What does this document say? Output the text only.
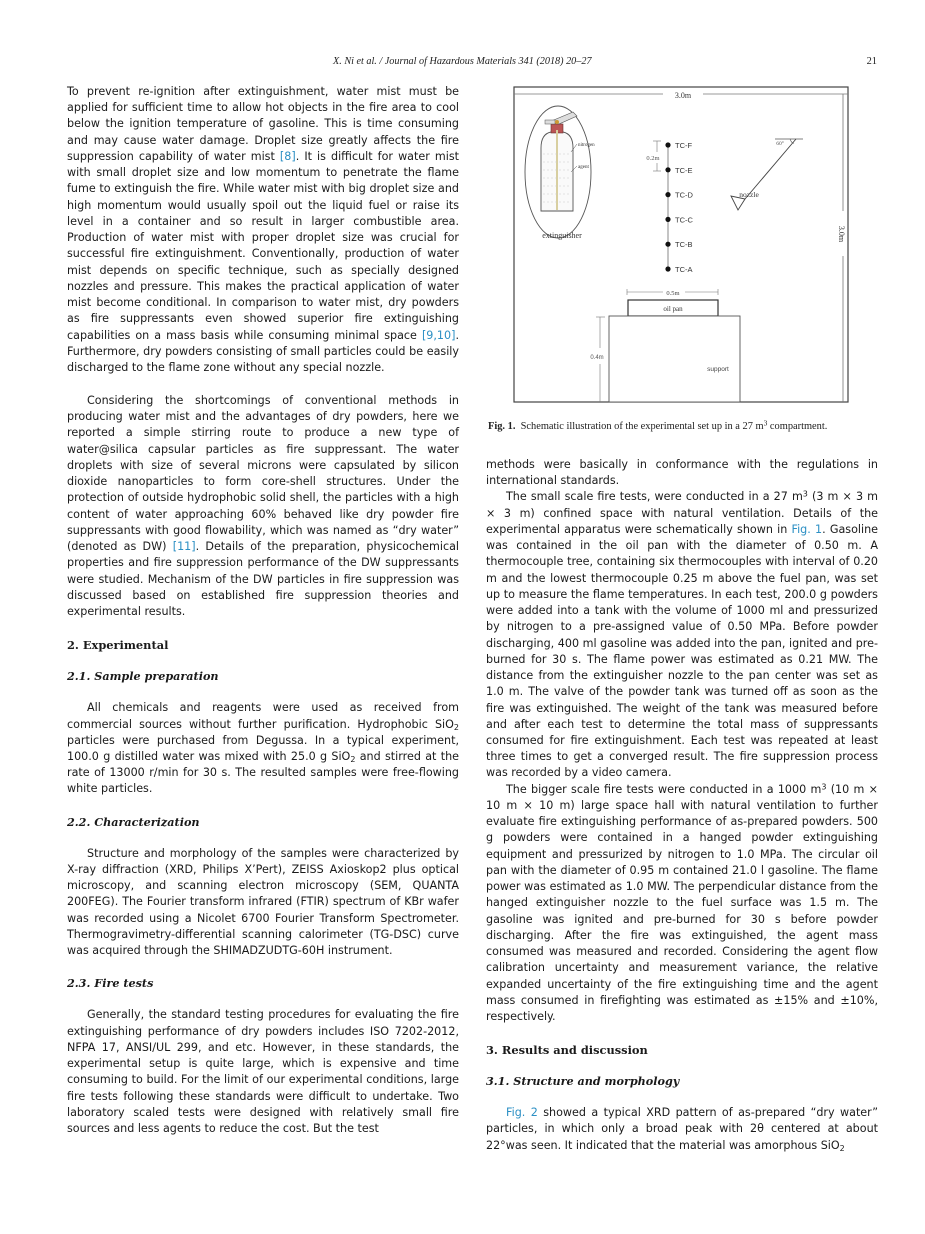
X. Ni et al. / Journal of Hazardous Materials 341 (2018) 20–27	21

To prevent re-ignition after extinguishment, water mist must be applied for sufficient time to allow hot objects in the fire area to cool below the ignition temperature of gasoline. This is time consuming and may cause water damage. Droplet size greatly affects the fire suppression capability of water mist [8]. It is difficult for water mist with small droplet size and low momentum to penetrate the flame fume to extinguish the fire. While water mist with big droplet size and high momentum would usually spoil out the liquid fuel or raise its level in a container and so result in larger combustible area. Production of water mist with proper droplet size was crucial for successful fire extinguishment. Conventionally, production of water mist depends on specific technique, such as specially designed nozzles and pressure. This makes the practical application of water mist become conditional. In comparison to water mist, dry powders as fire suppressants even showed superior fire extinguishing capabilities on a mass basis while consuming minimal space [9,10]. Furthermore, dry powders consisting of small particles could be easily discharged to the flame zone without any special nozzle.

Considering the shortcomings of conventional methods in producing water mist and the advantages of dry powders, here we reported a simple stirring route to produce a new type of water@silica capsular particles as fire suppressant. The water droplets with size of several microns were capsulated by silicon dioxide nanoparticles to form core-shell structures. Under the protection of outside hydrophobic solid shell, the particles with a high content of water approaching 60% behaved like dry powder fire suppressants with good flowability, which was named as “dry water” (denoted as DW) [11]. Details of the preparation, physicochemical properties and fire suppression performance of the DW suppressants were studied. Mechanism of the DW particles in fire suppression was discussed based on established fire suppression theories and experimental results.

2. Experimental
2.1. Sample preparation

All chemicals and reagents were used as received from commercial sources without further purification. Hydrophobic SiO$_2$ particles were purchased from Degussa. In a typical experiment, 100.0 g distilled water was mixed with 25.0 g SiO$_2$ and stirred at the rate of 13000 r/min for 30 s. The resulted samples were free-flowing white particles.

2.2. Characterization

Structure and morphology of the samples were characterized by X-ray diffraction (XRD, Philips X’Pert), ZEISS Axioskop2 plus optical microscopy, and scanning electron microscopy (SEM, QUANTA 200FEG). The Fourier transform infrared (FTIR) spectrum of KBr wafer was recorded using a Nicolet 6700 Fourier Transform Spectrometer. Thermogravimetry-differential scanning calorimeter (TG-DSC) curve was acquired through the SHIMADZUDTG-60H instrument.

2.3. Fire tests

Generally, the standard testing procedures for evaluating the fire extinguishing performance of dry powders includes ISO 7202-2012, NFPA 17, ANSI/UL 299, and etc. However, in these standards, the experimental setup is quite large, which is expensive and time consuming to build. For the limit of our experimental conditions, large fire tests following these standards were difficult to undertake. Two laboratory scaled tests were designed with relatively small fire sources and less agents to reduce the cost. But the test

3.0m
3.0m
nitrogen
agent
extinguisher
TC-F
TC-E
TC-D
TC-C
TC-B
TC-A
0.2m
60°
nozzle
0.5m
oil pan
support
0.4m
Fig. 1. Schematic illustration of the experimental set up in a 27 $m^3$ compartment.

methods were basically in conformance with the regulations in international standards.

The small scale fire tests, were conducted in a 27 $m^3$ (3 m × 3 m × 3 m) confined space with natural ventilation. Details of the experimental apparatus were schematically shown in Fig. 1. Gasoline was contained in the oil pan with the diameter of 0.50 m. A thermocouple tree, containing six thermocouples with interval of 0.20 m and the lowest thermocouple 0.25 m above the fuel pan, was set up to measure the flame temperatures. In each test, 200.0 g powders were added into a tank with the volume of 1000 ml and pressurized by nitrogen to a pre-assigned value of 0.50 MPa. Before powder discharging, 400 ml gasoline was added into the pan, ignited and pre-burned for 30 s. The flame power was estimated as 0.21 MW. The distance from the extinguisher nozzle to the pan center was set as 1.0 m. The valve of the powder tank was turned off as soon as the fire was extinguished. The weight of the tank was measured before and after each test to determine the total mass of suppressants consumed for fire extinguishment. Each test was repeated at least three times to get a converged result. The fire suppression process was recorded by a video camera.

The bigger scale fire tests were conducted in a 1000 $m^3$ (10 m × 10 m × 10 m) large space hall with natural ventilation to further evaluate fire extinguishing performance of as-prepared powders. 500 g powders were contained in a hanged powder extinguishing equipment and pressurized by nitrogen to 1.0 MPa. The circular oil pan with the diameter of 0.95 m contained 21.0 l gasoline. The flame power was estimated as 1.0 MW. The perpendicular distance from the hanged extinguisher nozzle to the fuel surface was 1.5 m. The gasoline was ignited and pre-burned for 30 s before powder discharging. After the fire was extinguished, the agent mass consumed was measured and recorded. Considering the agent flow calibration uncertainty and measurement variance, the relative expanded uncertainty of the fire extinguishing time and the agent mass consumed in firefighting was estimated as ±15% and ±10%, respectively.

3. Results and discussion
3.1. Structure and morphology

Fig. 2 showed a typical XRD pattern of as-prepared “dry water” particles, in which only a broad peak with 2θ centered at about 22°was seen. It indicated that the material was amorphous SiO$_2$
